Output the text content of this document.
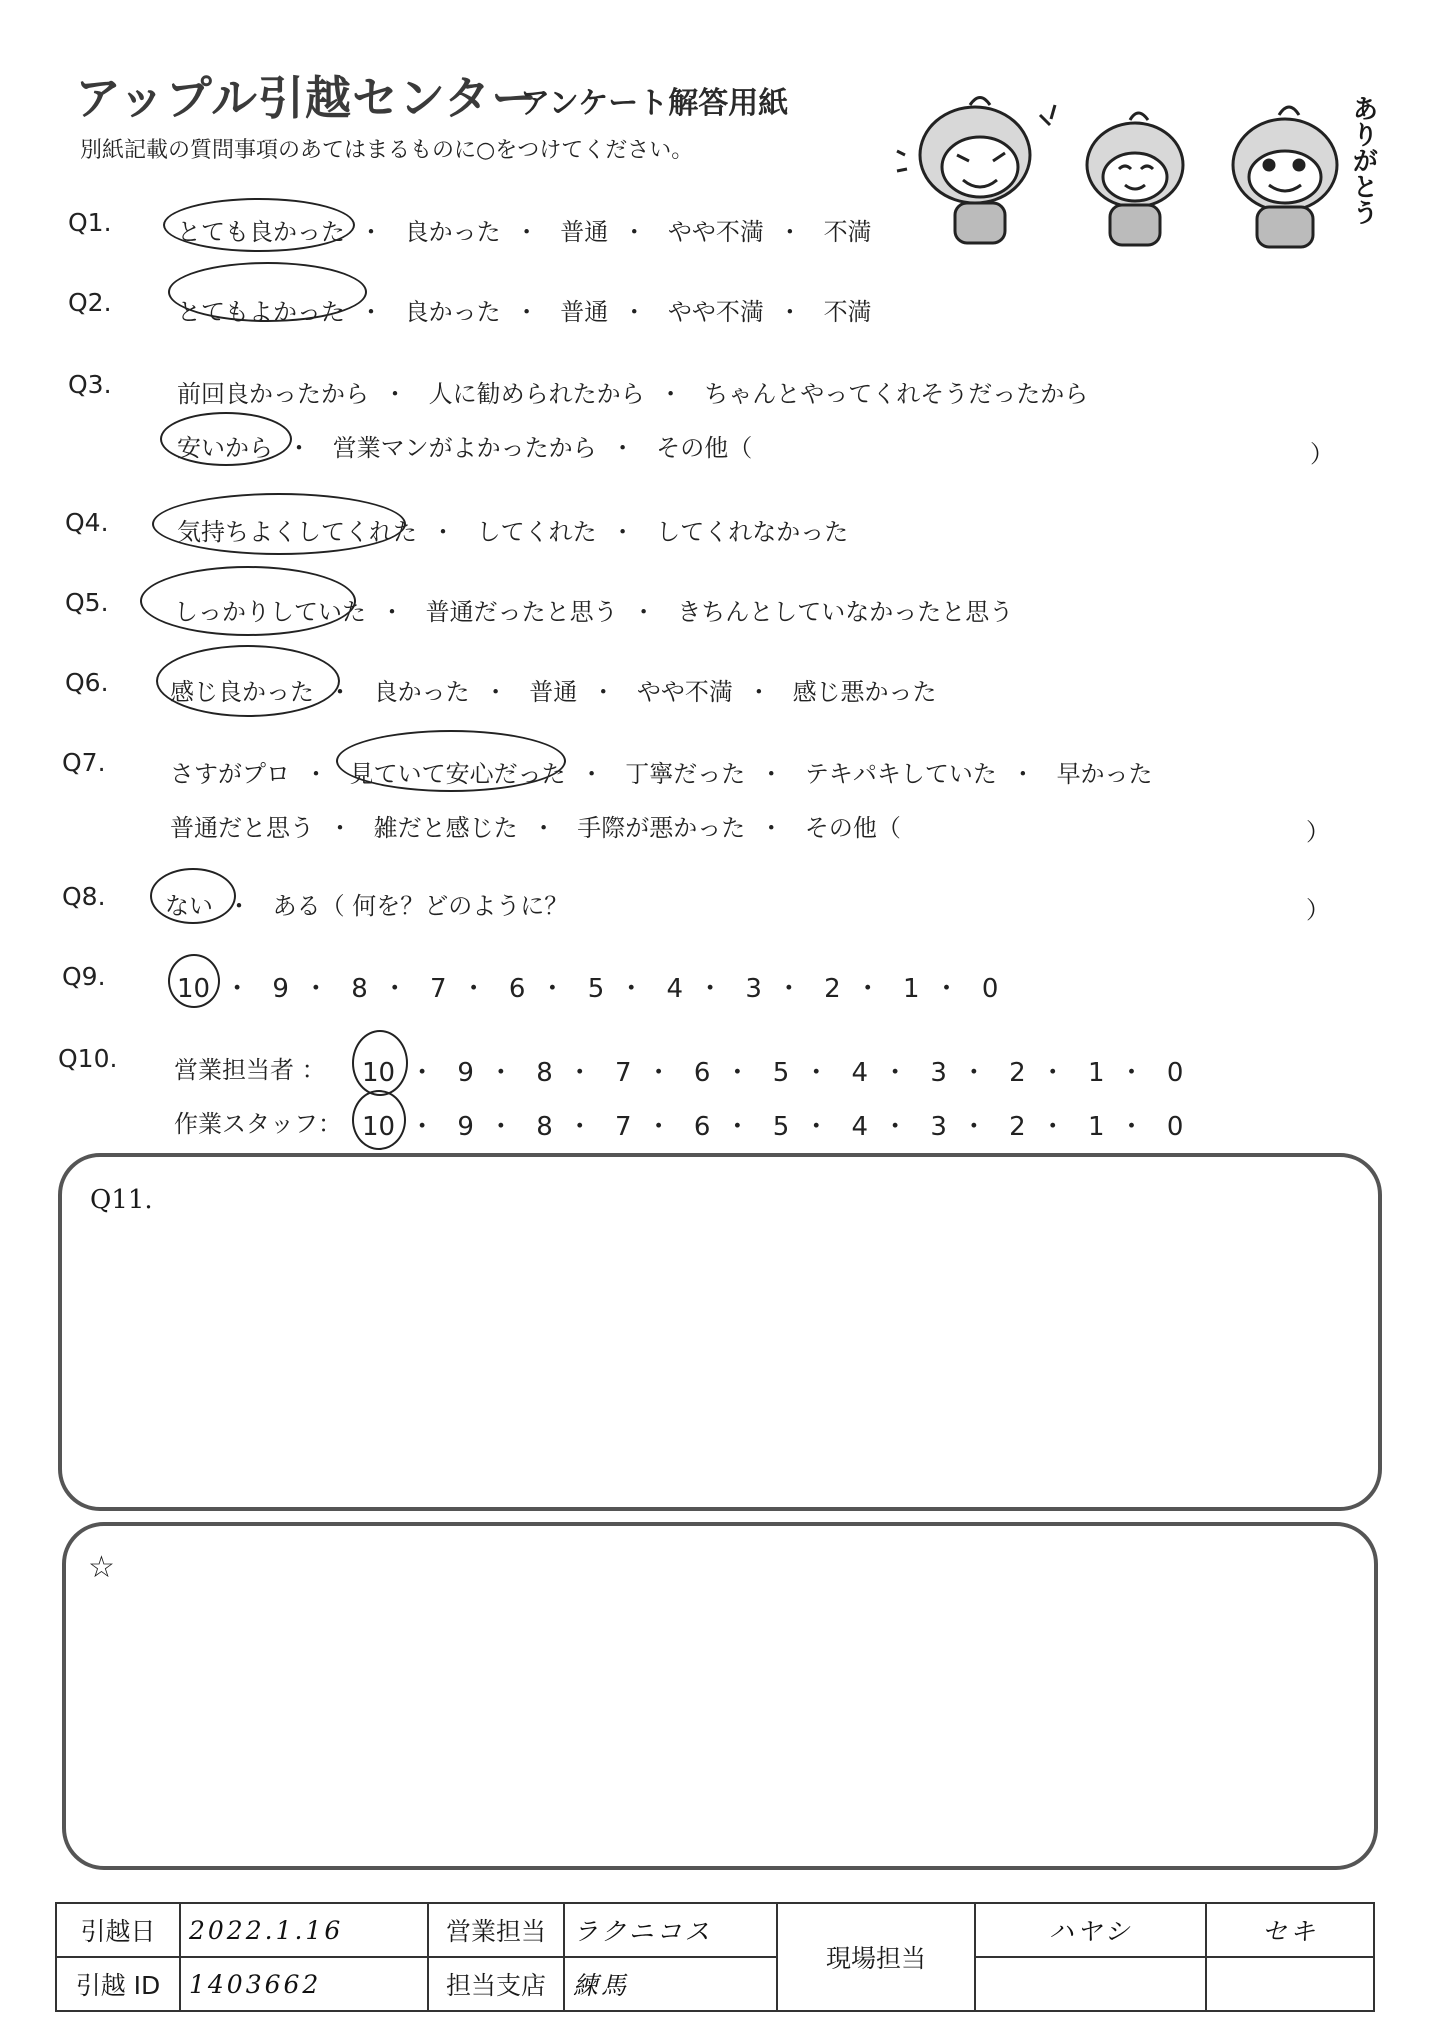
アップル引越センター
アンケート解答用紙
別紙記載の質問事項のあてはまるものに○をつけてください。	ありがとう
Q1.	とても良かった ・ 良かった ・ 普通 ・ やや不満 ・ 不満
Q2.	とてもよかった ・ 良かった ・ 普通 ・ やや不満 ・ 不満
Q3.	前回良かったから ・ 人に勧められたから ・ ちゃんとやってくれそうだったから
安いから ・ 営業マンがよかったから ・ その他（	）
Q4.	気持ちよくしてくれた ・ してくれた ・ してくれなかった
Q5.	しっかりしていた ・ 普通だったと思う ・ きちんとしていなかったと思う
Q6.	感じ良かった ・ 良かった ・ 普通 ・ やや不満 ・ 感じ悪かった
Q7.	さすがプロ ・ 見ていて安心だった ・ 丁寧だった ・ テキパキしていた ・ 早かった
普通だと思う ・ 雑だと感じた ・ 手際が悪かった ・ その他（	）
Q8. ない ・ ある（ 何を？どのように？	）
Q9.	10 ・ 9 ・ 8 ・ 7 ・ 6 ・ 5 ・ 4 ・ 3 ・ 2 ・ 1 ・ 0
Q10. 営業担当者 ： 10 ・ 9 ・ 8 ・ 7 ・ 6 ・ 5 ・ 4 ・ 3 ・ 2 ・ 1 ・ 0
作業スタッフ： 10 ・ 9 ・ 8 ・ 7 ・ 6 ・ 5 ・ 4 ・ 3 ・ 2 ・ 1 ・ 0
Q11.
☆
引越日	2022.1.16	営業担当	ラクニコス	現場担当	ハヤシ	セキ
引越 ID	1403662	担当支店	練馬			
